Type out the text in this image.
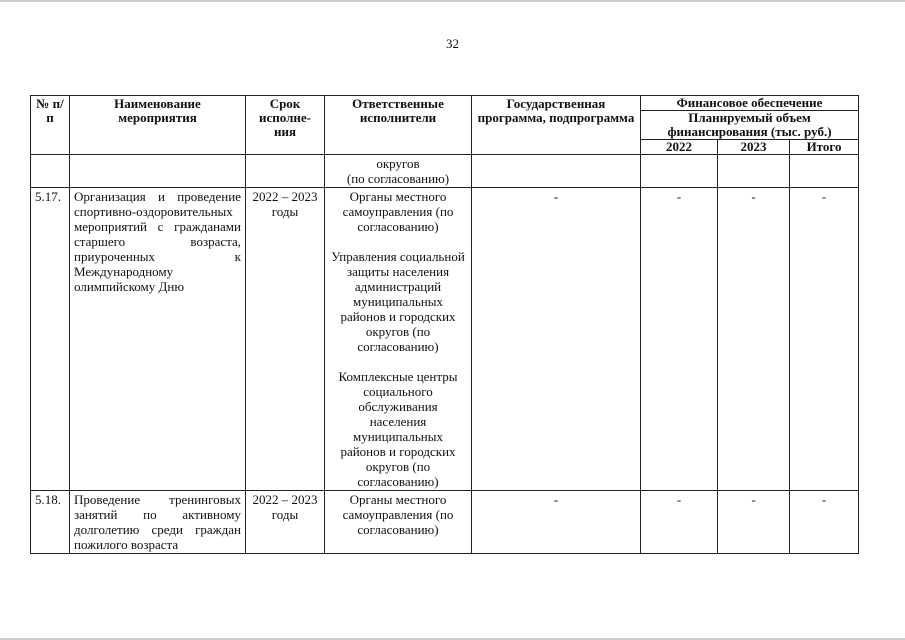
32
№ п/п	Наименование мероприятия	Срок исполне-ния	Ответственные исполнители	Государственная программа, подпрограмма	Финансовое обеспечение		
					Планируемый объем финансирования (тыс. руб.)		
					2022	2023	Итого

			округов
(по согласованию)				

5.17.	Организация и проведение спортивно-оздоровительных мероприятий с гражданами старшего возраста, приуроченных к Международному олимпийскому Дню	2022 – 2023 годы	Органы местного самоуправления (по согласованию)
Управления социальной защиты населения администраций муниципальных районов и городских округов (по согласованию)
Комплексные центры социального обслуживания населения муниципальных районов и городских округов (по согласованию)	-	-	-	-
5.18.	Проведение тренинговых занятий по активному долголетию среди граждан пожилого возраста	2022 – 2023 годы	Органы местного самоуправления (по согласованию)	-	-	-	-
